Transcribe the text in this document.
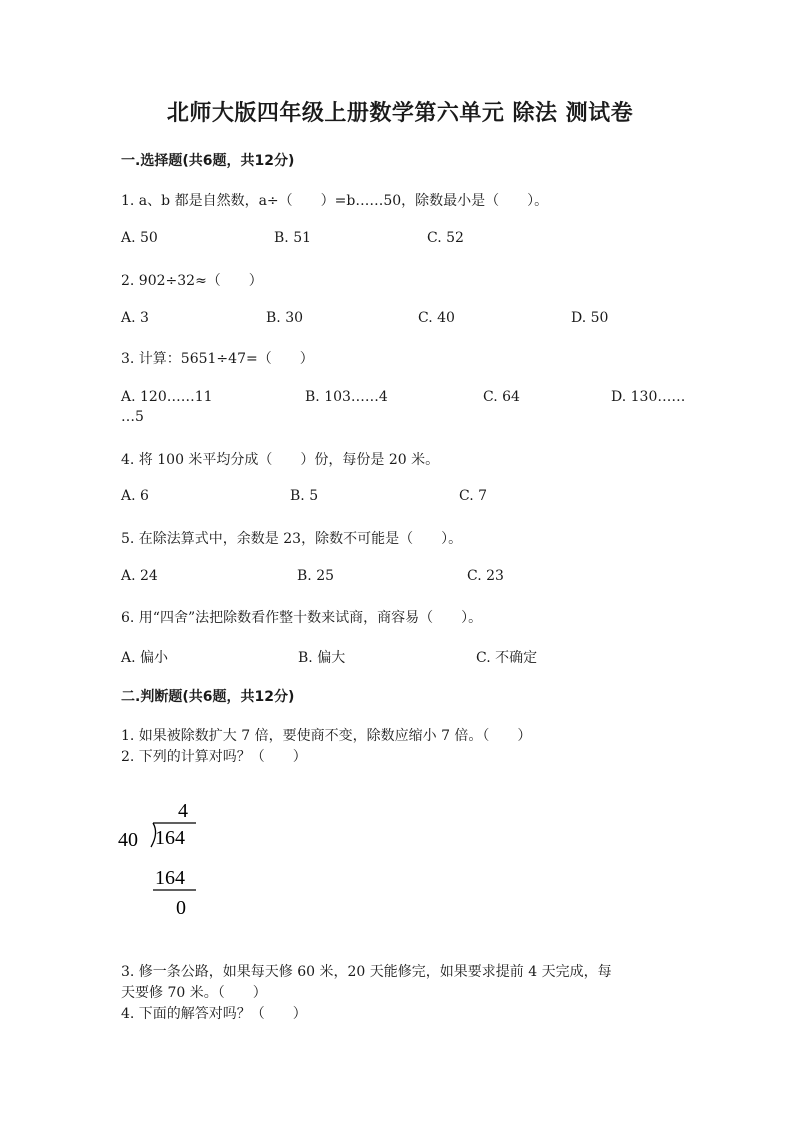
北师大版四年级上册数学第六单元 除法 测试卷
一.选择题(共6题，共12分)
1. a、b 都是自然数，a÷（　　）=b……50，除数最小是（　　）。
A. 50	B. 51	C. 52
2. 902÷32≈（　　）
A. 3	B. 30	C. 40	D. 50
3. 计算：5651÷47=（　　）
A. 120……11	B. 103……4	C. 64	D. 130……
…5
4. 将 100 米平均分成（　　）份，每份是 20 米。
A. 6	B. 5	C. 7
5. 在除法算式中，余数是 23，除数不可能是（　　）。
A. 24	B. 25	C. 23
6. 用“四舍”法把除数看作整十数来试商，商容易（　　）。
A. 偏小	B. 偏大	C. 不确定
二.判断题(共6题，共12分)
1. 如果被除数扩大 7 倍，要使商不变，除数应缩小 7 倍。（　　）
2. 下列的计算对吗？（　　）
4
40 164
164
0
3. 修一条公路，如果每天修 60 米，20 天能修完，如果要求提前 4 天完成，每
天要修 70 米。（　　）
4. 下面的解答对吗？（　　）
